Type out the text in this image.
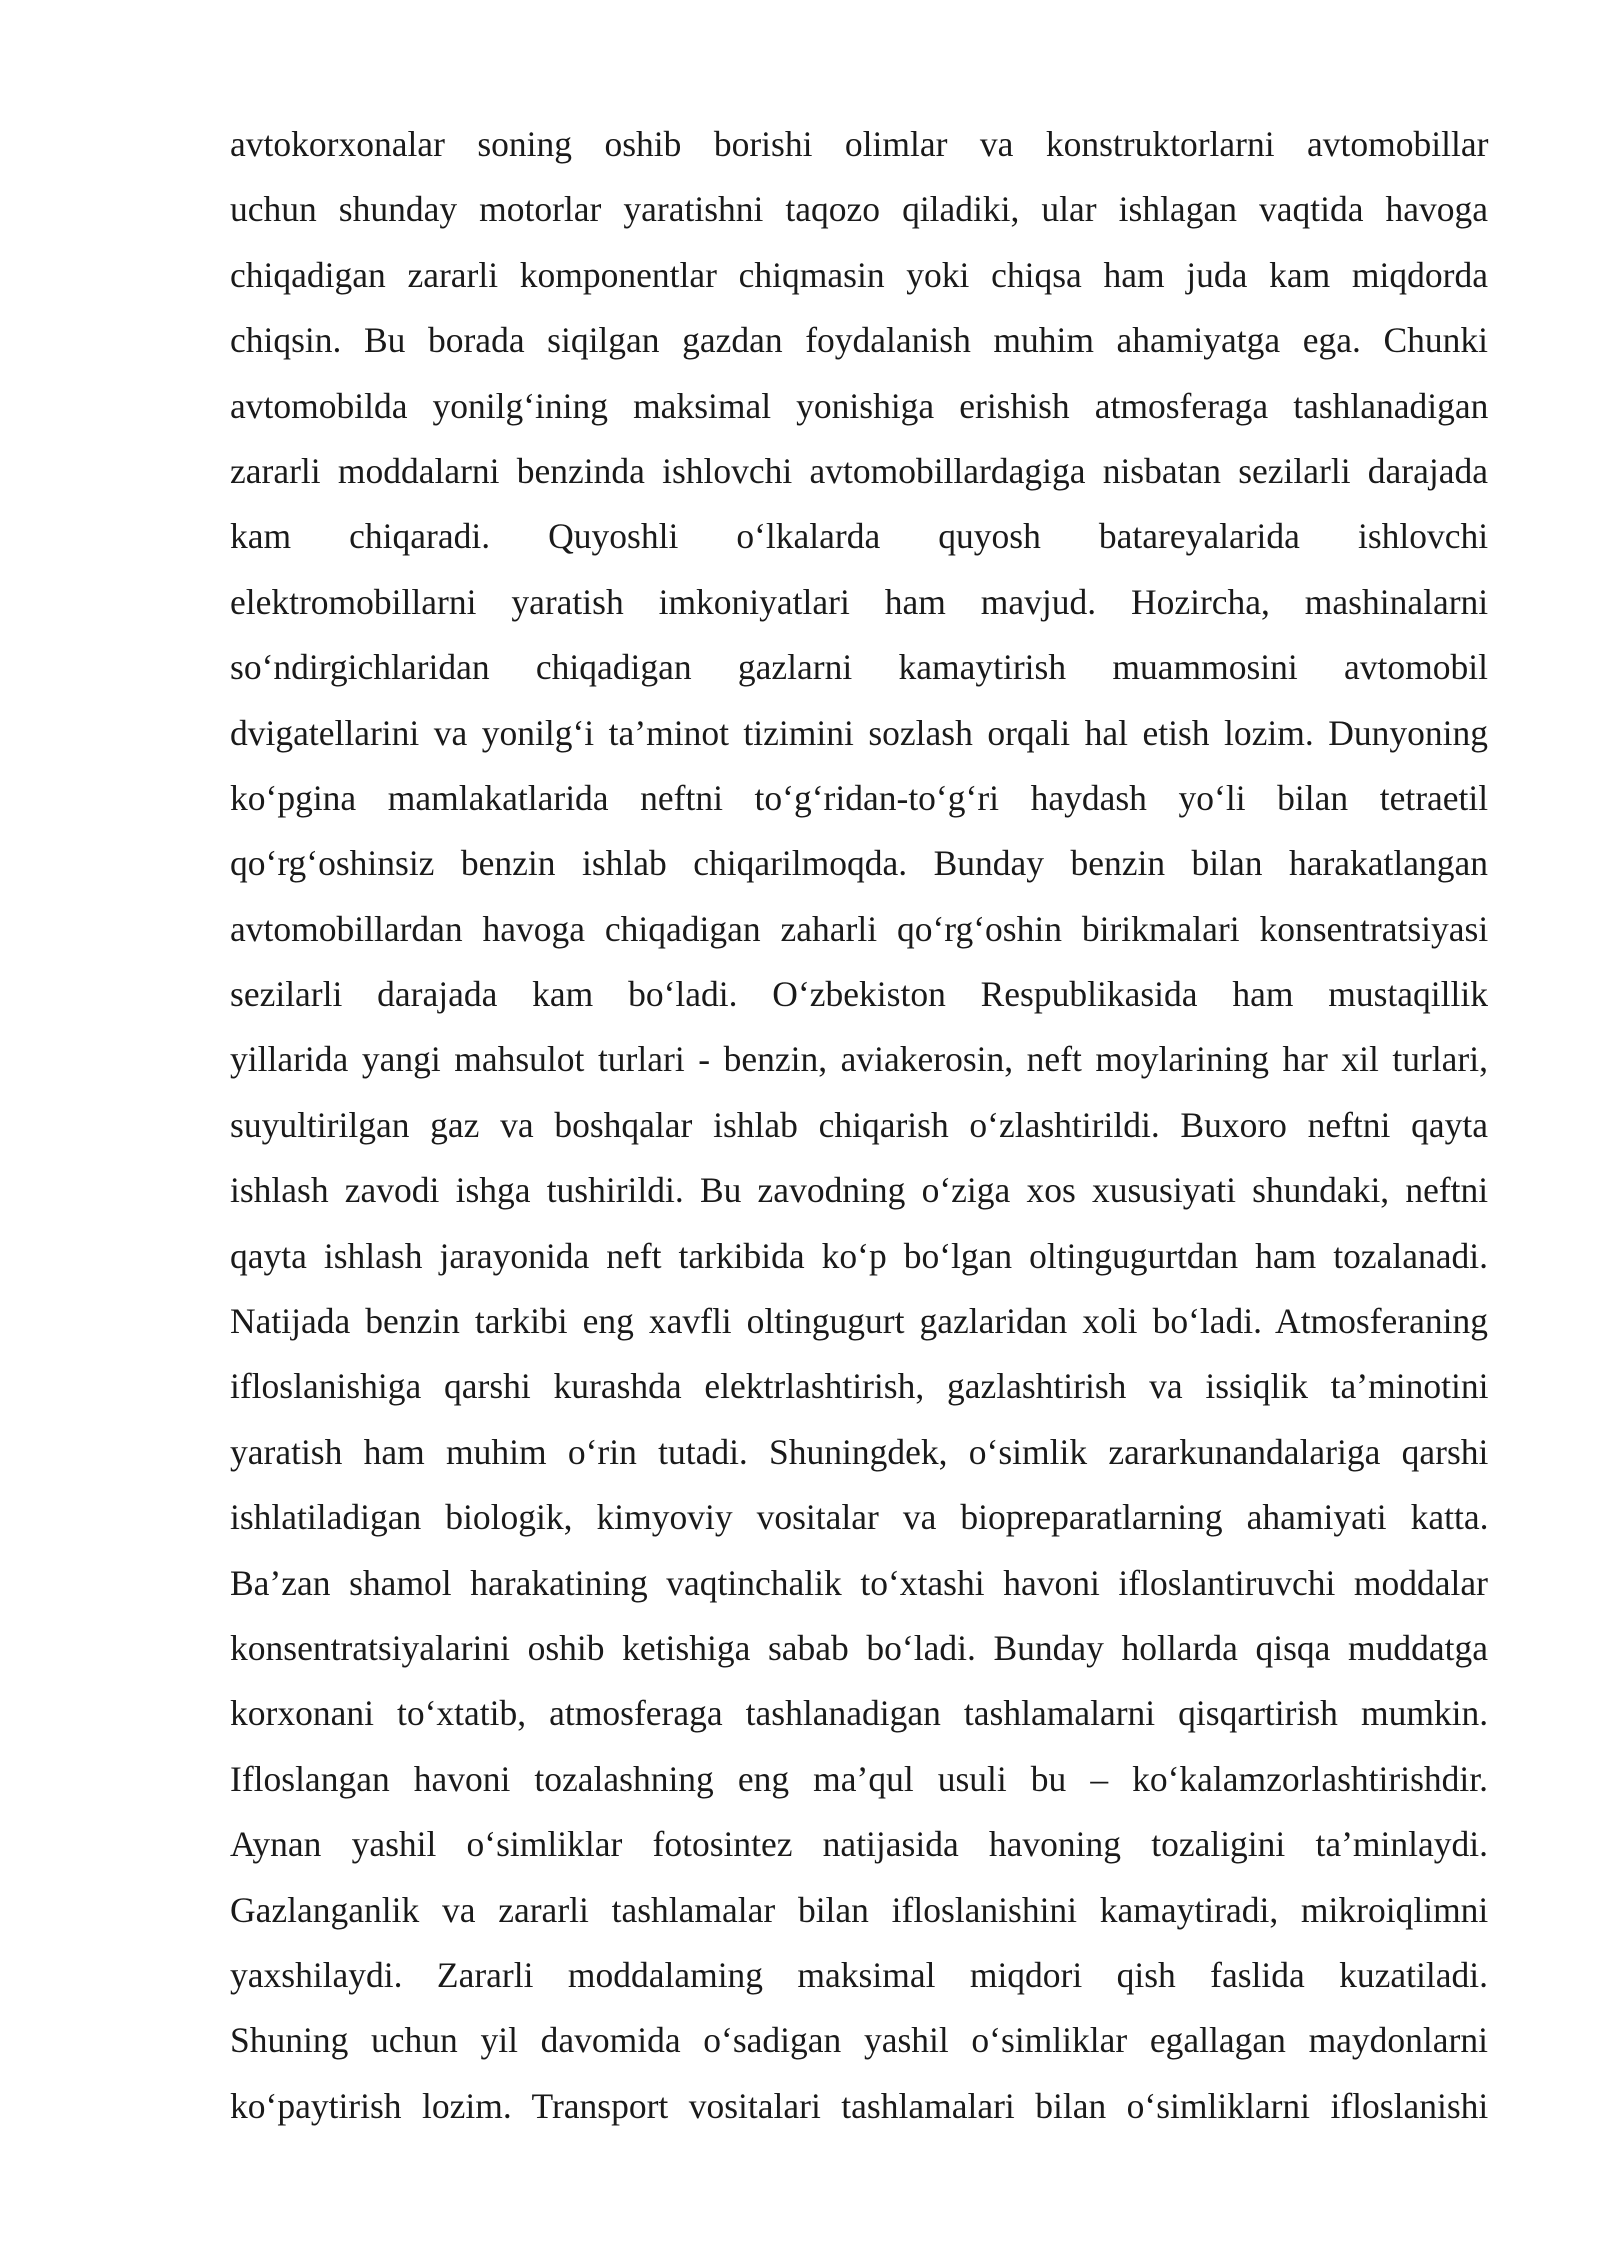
avtokorxonalar soning oshib borishi olimlar va konstruktorlarni avtomobillar
uchun shunday motorlar yaratishni taqozo qiladiki, ular ishlagan vaqtida havoga
chiqadigan zararli komponentlar chiqmasin yoki chiqsa ham juda kam miqdorda
chiqsin. Bu borada siqilgan gazdan foydalanish muhim ahamiyatga ega. Chunki
avtomobilda yonilg‘ining maksimal yonishiga erishish atmosferaga tashlanadigan
zararli moddalarni benzinda ishlovchi avtomobillardagiga nisbatan sezilarli darajada
kam chiqaradi. Quyoshli o‘lkalarda quyosh batareyalarida ishlovchi
elektromobillarni yaratish imkoniyatlari ham mavjud. Hozircha, mashinalarni
so‘ndirgichlaridan chiqadigan gazlarni kamaytirish muammosini avtomobil
dvigatellarini va yonilg‘i ta’minot tizimini sozlash orqali hal etish lozim. Dunyoning
ko‘pgina mamlakatlarida neftni to‘g‘ridan-to‘g‘ri haydash yo‘li bilan tetraetil
qo‘rg‘oshinsiz benzin ishlab chiqarilmoqda. Bunday benzin bilan harakatlangan
avtomobillardan havoga chiqadigan zaharli qo‘rg‘oshin birikmalari konsentratsiyasi
sezilarli darajada kam bo‘ladi. O‘zbekiston Respublikasida ham mustaqillik
yillarida yangi mahsulot turlari - benzin, aviakerosin, neft moylarining har xil turlari,
suyultirilgan gaz va boshqalar ishlab chiqarish o‘zlashtirildi. Buxoro neftni qayta
ishlash zavodi ishga tushirildi. Bu zavodning o‘ziga xos xususiyati shundaki, neftni
qayta ishlash jarayonida neft tarkibida ko‘p bo‘lgan oltingugurtdan ham tozalanadi.
Natijada benzin tarkibi eng xavfli oltingugurt gazlaridan xoli bo‘ladi. Atmosferaning
ifloslanishiga qarshi kurashda elektrlashtirish, gazlashtirish va issiqlik ta’minotini
yaratish ham muhim o‘rin tutadi. Shuningdek, o‘simlik zararkunandalariga qarshi
ishlatiladigan biologik, kimyoviy vositalar va biopreparatlarning ahamiyati katta.
Ba’zan shamol harakatining vaqtinchalik to‘xtashi havoni ifloslantiruvchi moddalar
konsentratsiyalarini oshib ketishiga sabab bo‘ladi. Bunday hollarda qisqa muddatga
korxonani to‘xtatib, atmosferaga tashlanadigan tashlamalarni qisqartirish mumkin.
Ifloslangan havoni tozalashning eng ma’qul usuli bu – ko‘kalamzorlashtirishdir.
Aynan yashil o‘simliklar fotosintez natijasida havoning tozaligini ta’minlaydi.
Gazlanganlik va zararli tashlamalar bilan ifloslanishini kamaytiradi, mikroiqlimni
yaxshilaydi. Zararli moddalaming maksimal miqdori qish faslida kuzatiladi.
Shuning uchun yil davomida o‘sadigan yashil o‘simliklar egallagan maydonlarni
ko‘paytirish lozim. Transport vositalari tashlamalari bilan o‘simliklarni ifloslanishi
